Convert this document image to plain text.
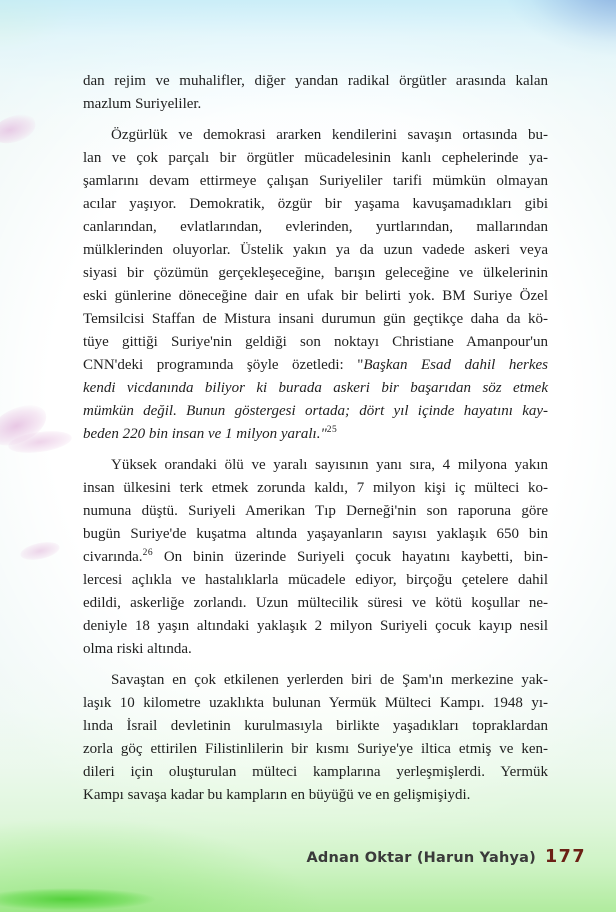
dan rejim ve muhalifler, diğer yandan radikal örgütler arasında kalan
mazlum Suriyeliler.
Özgürlük ve demokrasi ararken kendilerini savaşın ortasında bu-
lan ve çok parçalı bir örgütler mücadelesinin kanlı cephelerinde ya-
şamlarını devam ettirmeye çalışan Suriyeliler tarifi mümkün olmayan
acılar yaşıyor. Demokratik, özgür bir yaşama kavuşamadıkları gibi
canlarından, evlatlarından, evlerinden, yurtlarından, mallarından
mülklerinden oluyorlar. Üstelik yakın ya da uzun vadede askeri veya
siyasi bir çözümün gerçekleşeceğine, barışın geleceğine ve ülkelerinin
eski günlerine döneceğine dair en ufak bir belirti yok. BM Suriye Özel
Temsilcisi Staffan de Mistura insani durumun gün geçtikçe daha da kö-
tüye gittiği Suriye'nin geldiği son noktayı Christiane Amanpour'un
CNN'deki programında şöyle özetledi: "Başkan Esad dahil herkes
kendi vicdanında biliyor ki burada askeri bir başarıdan söz etmek
mümkün değil. Bunun göstergesi ortada; dört yıl içinde hayatını kay-
beden 220 bin insan ve 1 milyon yaralı."$^{25}$
Yüksek orandaki ölü ve yaralı sayısının yanı sıra, 4 milyona yakın
insan ülkesini terk etmek zorunda kaldı, 7 milyon kişi iç mülteci ko-
numuna düştü. Suriyeli Amerikan Tıp Derneği'nin son raporuna göre
bugün Suriye'de kuşatma altında yaşayanların sayısı yaklaşık 650 bin
civarında.$^{26}$ On binin üzerinde Suriyeli çocuk hayatını kaybetti, bin-
lercesi açlıkla ve hastalıklarla mücadele ediyor, birçoğu çetelere dahil
edildi, askerliğe zorlandı. Uzun mültecilik süresi ve kötü koşullar ne-
deniyle 18 yaşın altındaki yaklaşık 2 milyon Suriyeli çocuk kayıp nesil
olma riski altında.
Savaştan en çok etkilenen yerlerden biri de Şam'ın merkezine yak-
laşık 10 kilometre uzaklıkta bulunan Yermük Mülteci Kampı. 1948 yı-
lında İsrail devletinin kurulmasıyla birlikte yaşadıkları topraklardan
zorla göç ettirilen Filistinlilerin bir kısmı Suriye'ye iltica etmiş ve ken-
dileri için oluşturulan mülteci kamplarına yerleşmişlerdi. Yermük
Kampı savaşa kadar bu kampların en büyüğü ve en gelişmişiydi.
Adnan Oktar (Harun Yahya) 177
